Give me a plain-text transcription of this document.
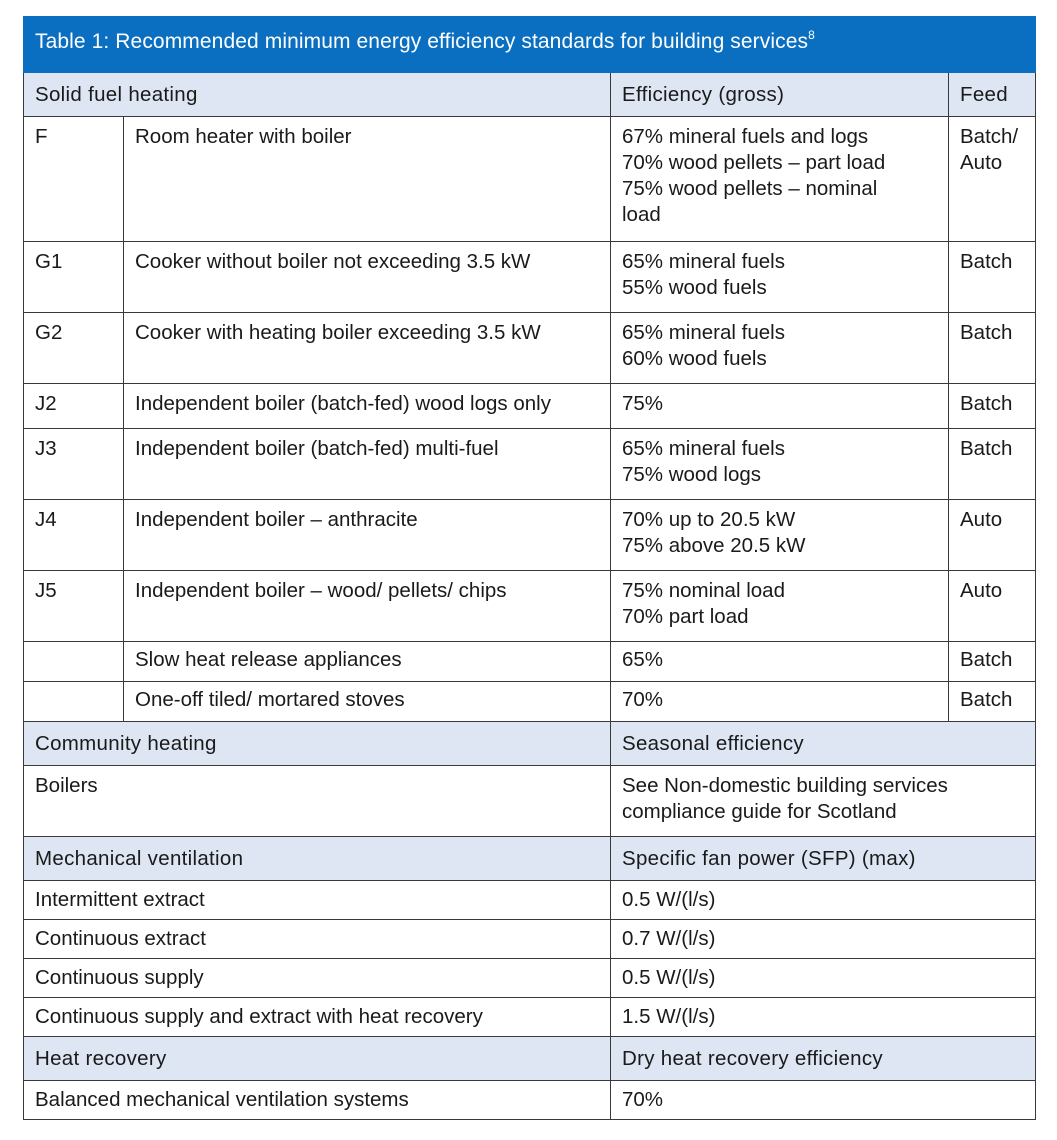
Table 1: Recommended minimum energy efficiency standards for building services$^8$
Solid fuel heating		Efficiency (gross)	Feed
F	Room heater with boiler	67% mineral fuels and logs
70% wood pellets – part load
75% wood pellets – nominal
load	Batch/
Auto

G1	Cooker without boiler not exceeding 3.5 kW	65% mineral fuels
55% wood fuels	Batch

G2	Cooker with heating boiler exceeding 3.5 kW	65% mineral fuels
60% wood fuels	Batch

J2	Independent boiler (batch-fed) wood logs only	75%	Batch

J3	Independent boiler (batch-fed) multi-fuel	65% mineral fuels
75% wood logs	Batch

J4	Independent boiler – anthracite	70% up to 20.5 kW
75% above 20.5 kW	Auto

J5	Independent boiler – wood/ pellets/ chips	75% nominal load
70% part load	Auto

	Slow heat release appliances	65%	Batch

	One-off tiled/ mortared stoves	70%	Batch

Community heating		Seasonal efficiency	
Boilers		See Non-domestic building services
compliance guide for Scotland	

Mechanical ventilation		Specific fan power (SFP) (max)	
Intermittent extract		0.5 W/(l/s)	

Continuous extract		0.7 W/(l/s)	

Continuous supply		0.5 W/(l/s)	

Continuous supply and extract with heat recovery		1.5 W/(l/s)	

Heat recovery		Dry heat recovery efficiency	
Balanced mechanical ventilation systems		70%	
